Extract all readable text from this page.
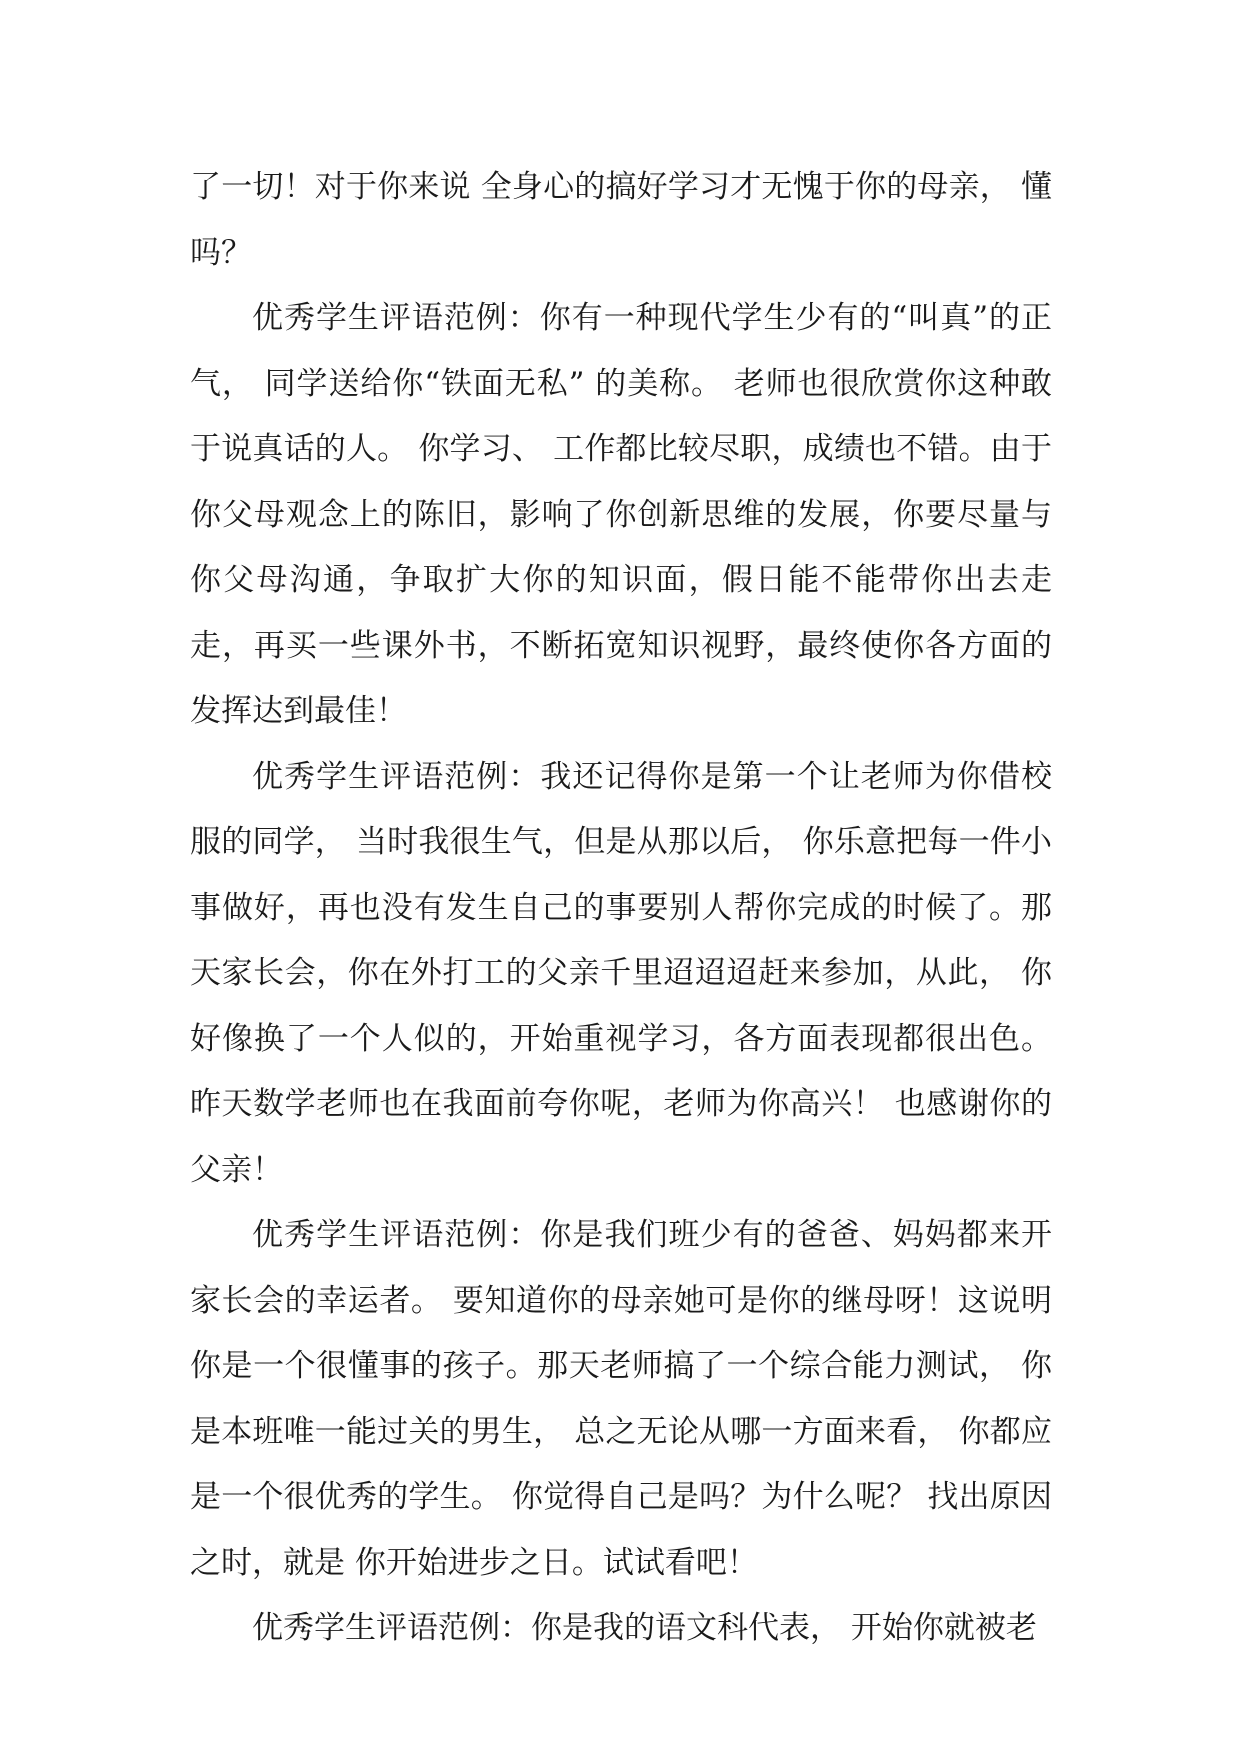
了一切！对于你来说 全身心的搞好学习才无愧于你的母亲， 懂吗？

优秀学生评语范例：你有一种现代学生少有的“叫真”的正气， 同学送给你“铁面无私” 的美称。 老师也很欣赏你这种敢于说真话的人。 你学习、 工作都比较尽职，成绩也不错。由于你父母观念上的陈旧，影响了你创新思维的发展，你要尽量与你父母沟通，争取扩大你的知识面，假日能不能带你出去走走，再买一些课外书，不断拓宽知识视野，最终使你各方面的发挥达到最佳！

优秀学生评语范例：我还记得你是第一个让老师为你借校服的同学， 当时我很生气，但是从那以后， 你乐意把每一件小事做好，再也没有发生自己的事要别人帮你完成的时候了。那天家长会，你在外打工的父亲千里迢迢迢赶来参加，从此， 你好像换了一个人似的，开始重视学习，各方面表现都很出色。昨天数学老师也在我面前夸你呢，老师为你高兴！ 也感谢你的父亲！

优秀学生评语范例：你是我们班少有的爸爸、妈妈都来开家长会的幸运者。 要知道你的母亲她可是你的继母呀！这说明你是一个很懂事的孩子。那天老师搞了一个综合能力测试， 你是本班唯一能过关的男生， 总之无论从哪一方面来看， 你都应是一个很优秀的学生。 你觉得自己是吗？为什么呢？ 找出原因之时，就是 你开始进步之日。试试看吧！

优秀学生评语范例：你是我的语文科代表， 开始你就被老
